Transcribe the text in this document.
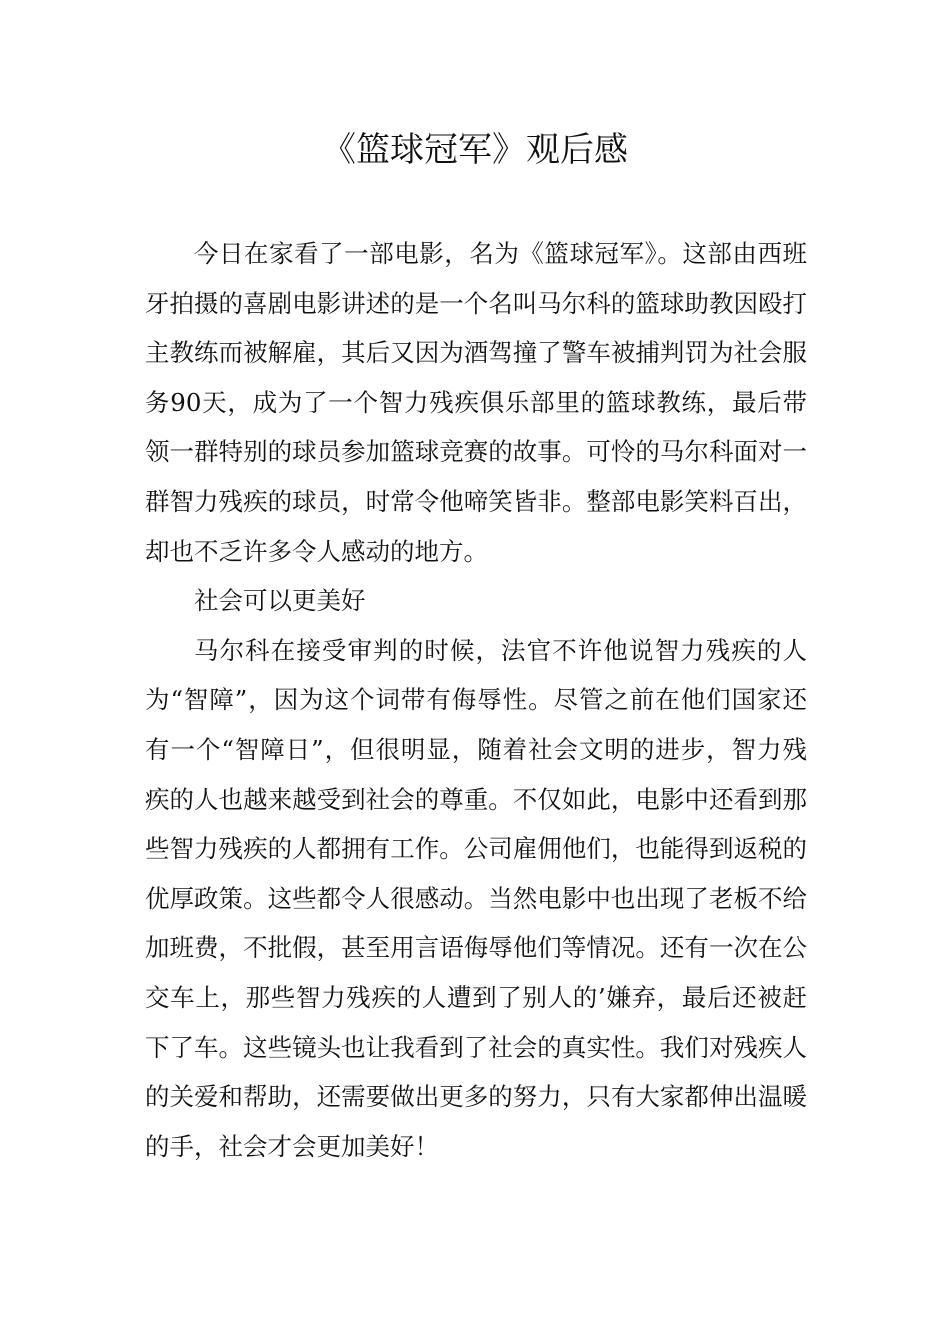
《篮球冠军》观后感

今日在家看了一部电影，名为《篮球冠军》。这部由西班牙拍摄的喜剧电影讲述的是一个名叫马尔科的篮球助教因殴打主教练而被解雇，其后又因为酒驾撞了警车被捕判罚为社会服务90天，成为了一个智力残疾俱乐部里的篮球教练，最后带领一群特别的球员参加篮球竞赛的故事。可怜的马尔科面对一群智力残疾的球员，时常令他啼笑皆非。整部电影笑料百出，却也不乏许多令人感动的地方。

社会可以更美好

马尔科在接受审判的时候，法官不许他说智力残疾的人为“智障”，因为这个词带有侮辱性。尽管之前在他们国家还有一个“智障日”，但很明显，随着社会文明的进步，智力残疾的人也越来越受到社会的尊重。不仅如此，电影中还看到那些智力残疾的人都拥有工作。公司雇佣他们，也能得到返税的优厚政策。这些都令人很感动。当然电影中也出现了老板不给加班费，不批假，甚至用言语侮辱他们等情况。还有一次在公交车上，那些智力残疾的人遭到了别人的’嫌弃，最后还被赶下了车。这些镜头也让我看到了社会的真实性。我们对残疾人的关爱和帮助，还需要做出更多的努力，只有大家都伸出温暖的手，社会才会更加美好！
